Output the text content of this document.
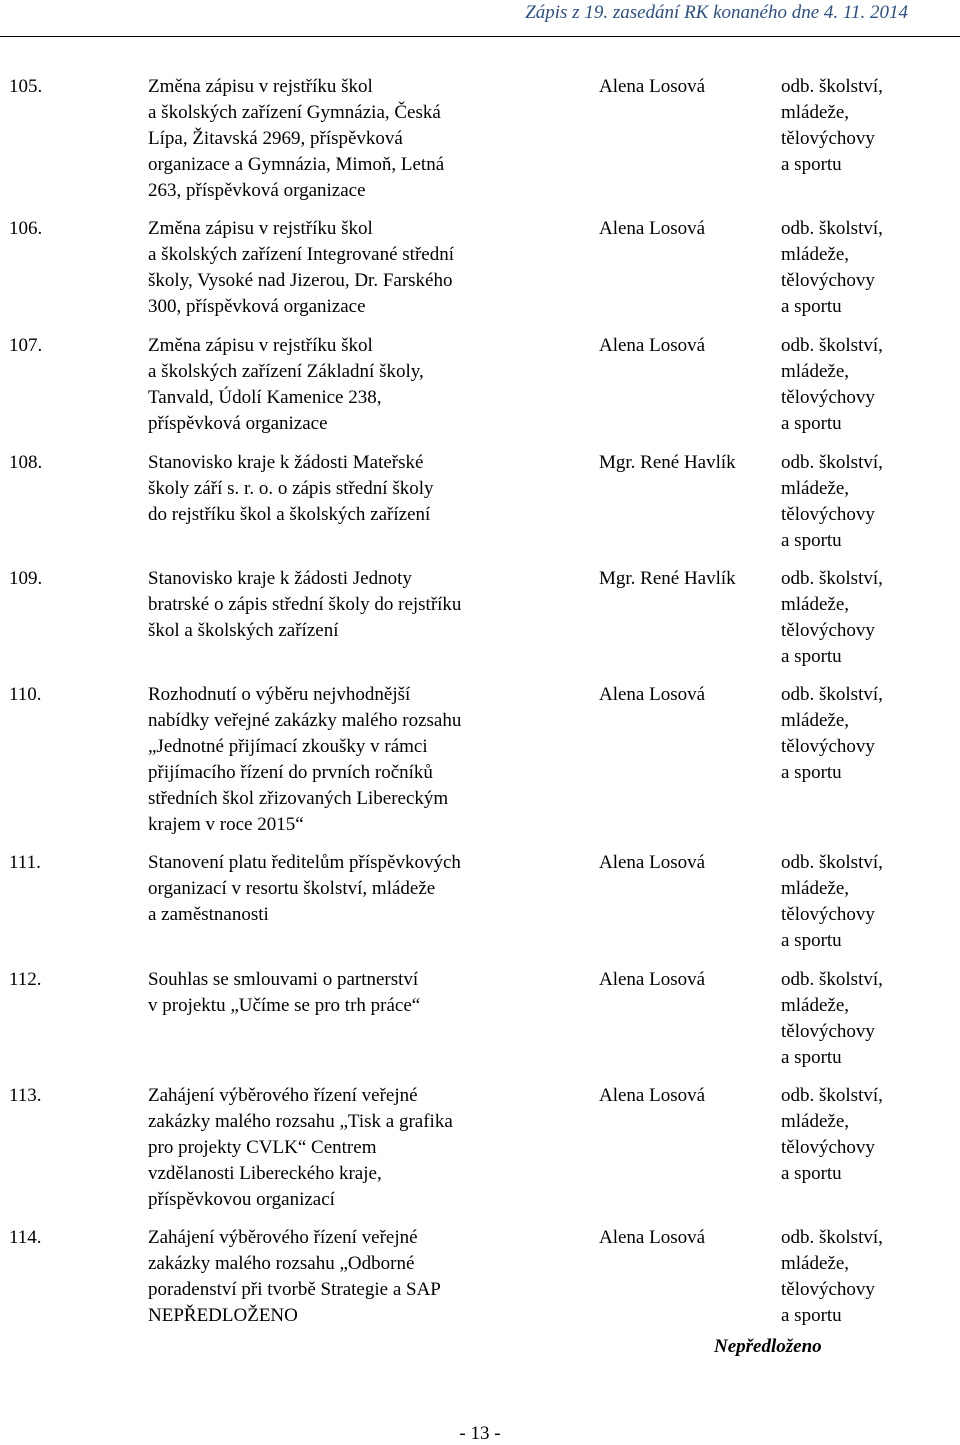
Zápis z 19. zasedání RK konaného dne 4. 11. 2014
105.	Změna zápisu v rejstříku škol
a školských zařízení Gymnázia, Česká
Lípa, Žitavská 2969, příspěvková
organizace a Gymnázia, Mimoň, Letná
263, příspěvková organizace
Alena Losová	odb. školství,
mládeže,
tělovýchovy
a sportu
106.	Změna zápisu v rejstříku škol
a školských zařízení Integrované střední
školy, Vysoké nad Jizerou, Dr. Farského
300, příspěvková organizace
Alena Losová	odb. školství,
mládeže,
tělovýchovy
a sportu
107.	Změna zápisu v rejstříku škol
a školských zařízení Základní školy,
Tanvald, Údolí Kamenice 238,
příspěvková organizace
Alena Losová	odb. školství,
mládeže,
tělovýchovy
a sportu
108.	Stanovisko kraje k žádosti Mateřské
školy září s. r. o. o zápis střední školy
do rejstříku škol a školských zařízení
Mgr. René Havlík odb. školství,
mládeže,
tělovýchovy
a sportu
109.	Stanovisko kraje k žádosti Jednoty
bratrské o zápis střední školy do rejstříku
škol a školských zařízení
Mgr. René Havlík odb. školství,
mládeže,
tělovýchovy
a sportu
110.	Rozhodnutí o výběru nejvhodnější
nabídky veřejné zakázky malého rozsahu
„Jednotné přijímací zkoušky v rámci
přijímacího řízení do prvních ročníků
středních škol zřizovaných Libereckým
krajem v roce 2015“
Alena Losová	odb. školství,
mládeže,
tělovýchovy
a sportu
111.	Stanovení platu ředitelům příspěvkových
organizací v resortu školství, mládeže
a zaměstnanosti
Alena Losová	odb. školství,
mládeže,
tělovýchovy
a sportu
112.	Souhlas se smlouvami o partnerství
v projektu „Učíme se pro trh práce“
Alena Losová	odb. školství,
mládeže,
tělovýchovy
a sportu
113.	Zahájení výběrového řízení veřejné
zakázky malého rozsahu „Tisk a grafika
pro projekty CVLK“ Centrem
vzdělanosti Libereckého kraje,
příspěvkovou organizací
Alena Losová	odb. školství,
mládeže,
tělovýchovy
a sportu
114.	Zahájení výběrového řízení veřejné
zakázky malého rozsahu „Odborné
poradenství při tvorbě Strategie a SAP
NEPŘEDLOŽENO
Alena Losová	odb. školství,
mládeže,
tělovýchovy
a sportu
Nepředloženo
- 13 -
